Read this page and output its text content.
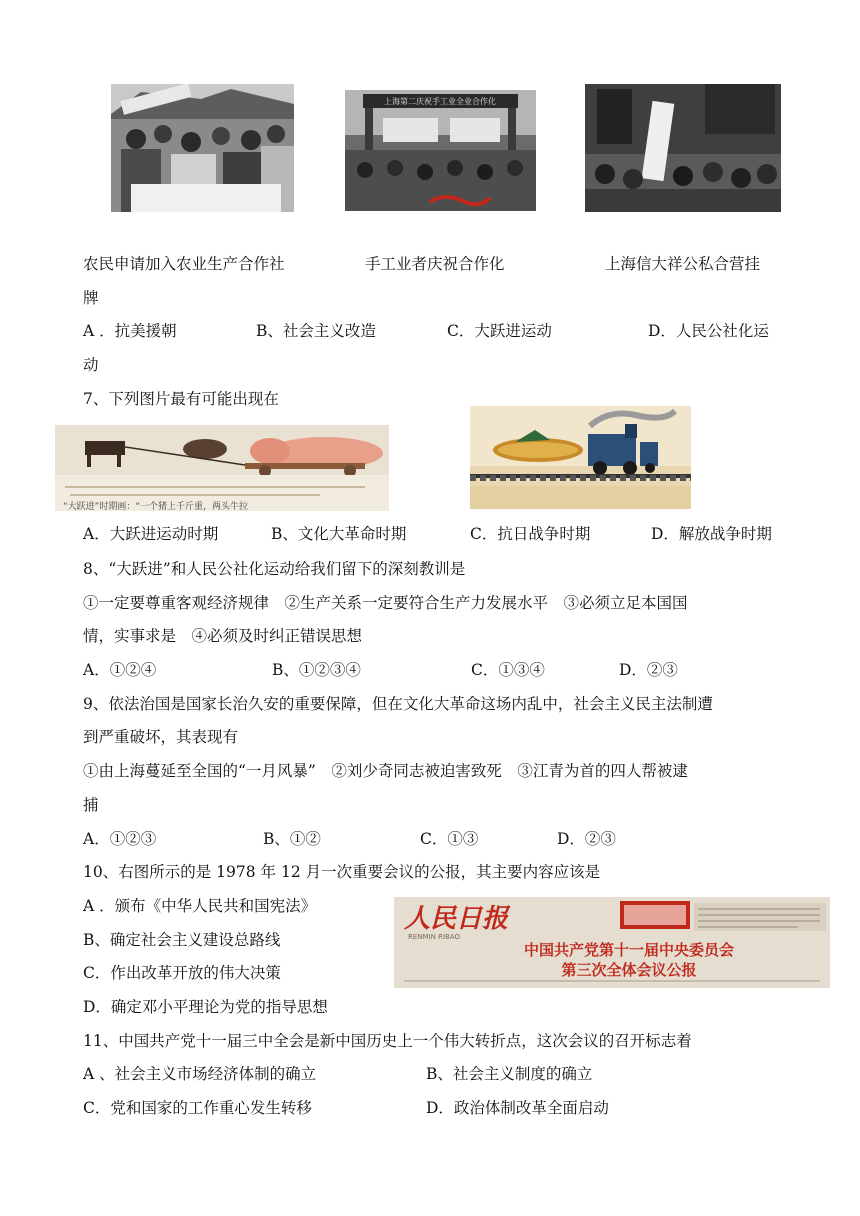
上海第二庆祝手工业全业合作化
农民申请加入农业生产合作社	手工业者庆祝合作化	上海信大祥公私合营挂
牌
A ．抗美援朝	B、社会主义改造	C．大跃进运动	D．人民公社化运
动
7、下列图片最有可能出现在
“大跃进”时期画：“一个猪上千斤重，两头牛拉
A．大跃进运动时期	B、文化大革命时期	C．抗日战争时期	D．解放战争时期
8、“大跃进”和人民公社化运动给我们留下的深刻教训是
①一定要尊重客观经济规律　②生产关系一定要符合生产力发展水平　③必须立足本国国
情，实事求是　④必须及时纠正错误思想
A．①②④	B、①②③④	C．①③④	D．②③
9、依法治国是国家长治久安的重要保障，但在文化大革命这场内乱中，社会主义民主法制遭
到严重破坏，其表现有
①由上海蔓延至全国的“一月风暴”　②刘少奇同志被迫害致死　③江青为首的四人帮被逮
捕
A．①②③	B、①②	C．①③	D．②③
10、右图所示的是 1978 年 12 月一次重要会议的公报，其主要内容应该是
A ．颁布《中华人民共和国宪法》
B、确定社会主义建设总路线
C．作出改革开放的伟大决策
D．确定邓小平理论为党的指导思想
人民日报
RENMIN RIBAO
中国共产党第十一届中央委员会
第三次全体会议公报
11、中国共产党十一届三中全会是新中国历史上一个伟大转折点，这次会议的召开标志着
A 、社会主义市场经济体制的确立	B、社会主义制度的确立
C．党和国家的工作重心发生转移	D．政治体制改革全面启动
